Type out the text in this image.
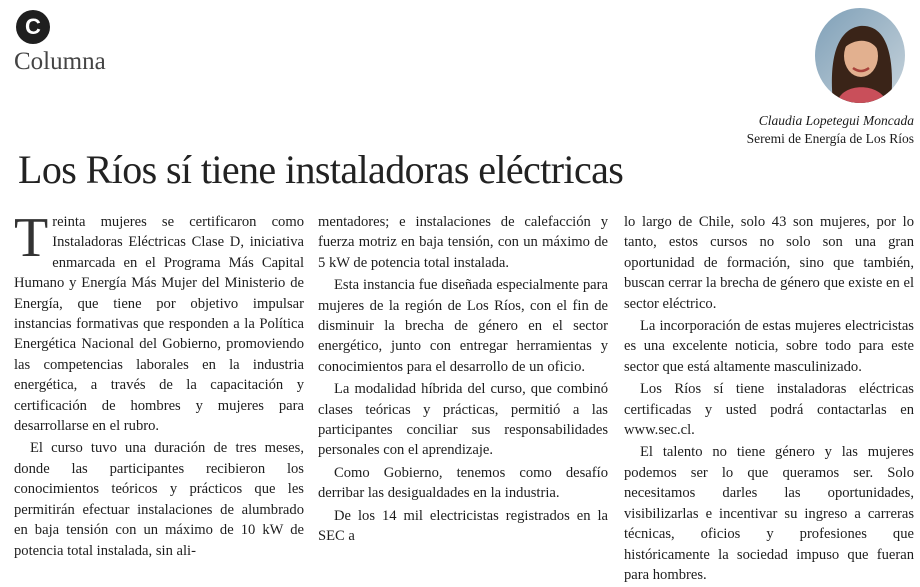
C
Columna
Claudia Lopetegui Moncada
Seremi de Energía de Los Ríos
Los Ríos sí tiene instaladoras eléctricas

Treinta mujeres se certificaron como Instaladoras Eléctricas Clase D, iniciativa enmarcada en el Programa Más Capital Humano y Energía Más Mujer del Ministerio de Energía, que tiene por objetivo impulsar instancias formativas que responden a la Política Energética Nacional del Gobierno, promoviendo las competencias laborales en la industria energética, a través de la capacitación y certificación de hombres y mujeres para desarrollarse en el rubro.

El curso tuvo una duración de tres meses, donde las participantes recibieron los conocimientos teóricos y prácticos que les permitirán efectuar instalaciones de alumbrado en baja tensión con un máximo de 10 kW de potencia total instalada, sin ali-

mentadores; e instalaciones de calefacción y fuerza motriz en baja tensión, con un máximo de 5 kW de potencia total instalada.

Esta instancia fue diseñada especialmente para mujeres de la región de Los Ríos, con el fin de disminuir la brecha de género en el sector energético, junto con entregar herramientas y conocimientos para el desarrollo de un oficio.

La modalidad híbrida del curso, que combinó clases teóricas y prácticas, permitió a las participantes conciliar sus responsabilidades personales con el aprendizaje.

Como Gobierno, tenemos como desafío derribar las desigualdades en la industria.

De los 14 mil electricistas registrados en la SEC a

lo largo de Chile, solo 43 son mujeres, por lo tanto, estos cursos no solo son una gran oportunidad de formación, sino que también, buscan cerrar la brecha de género que existe en el sector eléctrico.

La incorporación de estas mujeres electricistas es una excelente noticia, sobre todo para este sector que está altamente masculinizado.

Los Ríos sí tiene instaladoras eléctricas certificadas y usted podrá contactarlas en www.sec.cl.

El talento no tiene género y las mujeres podemos ser lo que queramos ser. Solo necesitamos darles las oportunidades, visibilizarlas e incentivar su ingreso a carreras técnicas, oficios y profesiones que históricamente la sociedad impuso que fueran para hombres.
